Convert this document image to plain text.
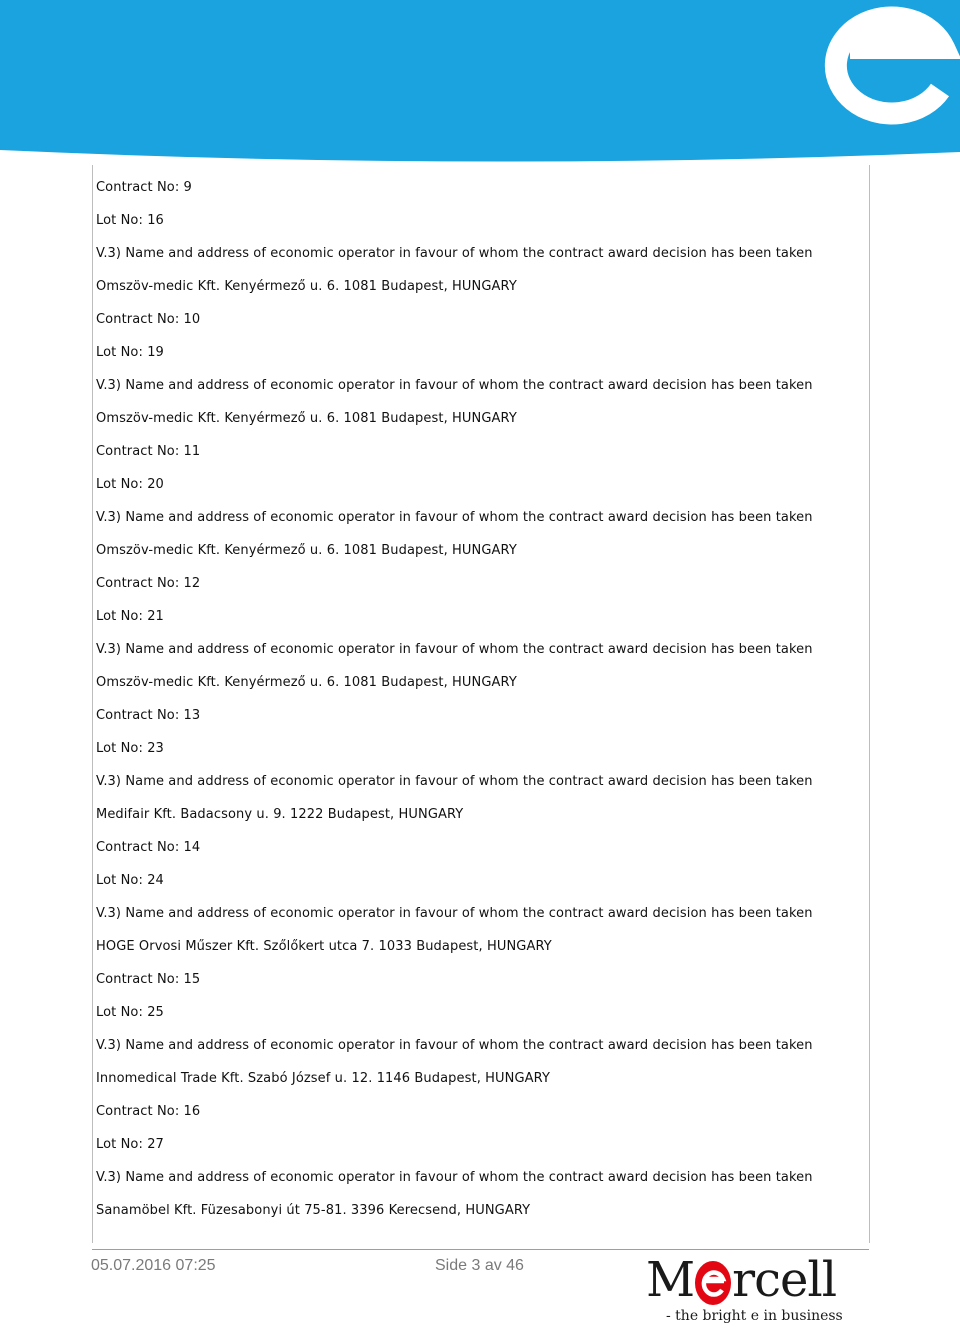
Contract No: 9
Lot No: 16
V.3) Name and address of economic operator in favour of whom the contract award decision has been taken
Omszöv-medic Kft. Kenyérmező u. 6. 1081 Budapest, HUNGARY
Contract No: 10
Lot No: 19
V.3) Name and address of economic operator in favour of whom the contract award decision has been taken
Omszöv-medic Kft. Kenyérmező u. 6. 1081 Budapest, HUNGARY
Contract No: 11
Lot No: 20
V.3) Name and address of economic operator in favour of whom the contract award decision has been taken
Omszöv-medic Kft. Kenyérmező u. 6. 1081 Budapest, HUNGARY
Contract No: 12
Lot No: 21
V.3) Name and address of economic operator in favour of whom the contract award decision has been taken
Omszöv-medic Kft. Kenyérmező u. 6. 1081 Budapest, HUNGARY
Contract No: 13
Lot No: 23
V.3) Name and address of economic operator in favour of whom the contract award decision has been taken
Medifair Kft. Badacsony u. 9. 1222 Budapest, HUNGARY
Contract No: 14
Lot No: 24
V.3) Name and address of economic operator in favour of whom the contract award decision has been taken
HOGE Orvosi Műszer Kft. Szőlőkert utca 7. 1033 Budapest, HUNGARY
Contract No: 15
Lot No: 25
V.3) Name and address of economic operator in favour of whom the contract award decision has been taken
Innomedical Trade Kft. Szabó József u. 12. 1146 Budapest, HUNGARY
Contract No: 16
Lot No: 27
V.3) Name and address of economic operator in favour of whom the contract award decision has been taken
Sanamöbel Kft. Füzesabonyi út 75-81. 3396 Kerecsend, HUNGARY
05.07.2016 07:25	Side 3 av 46	M rcell
- the bright e in business
